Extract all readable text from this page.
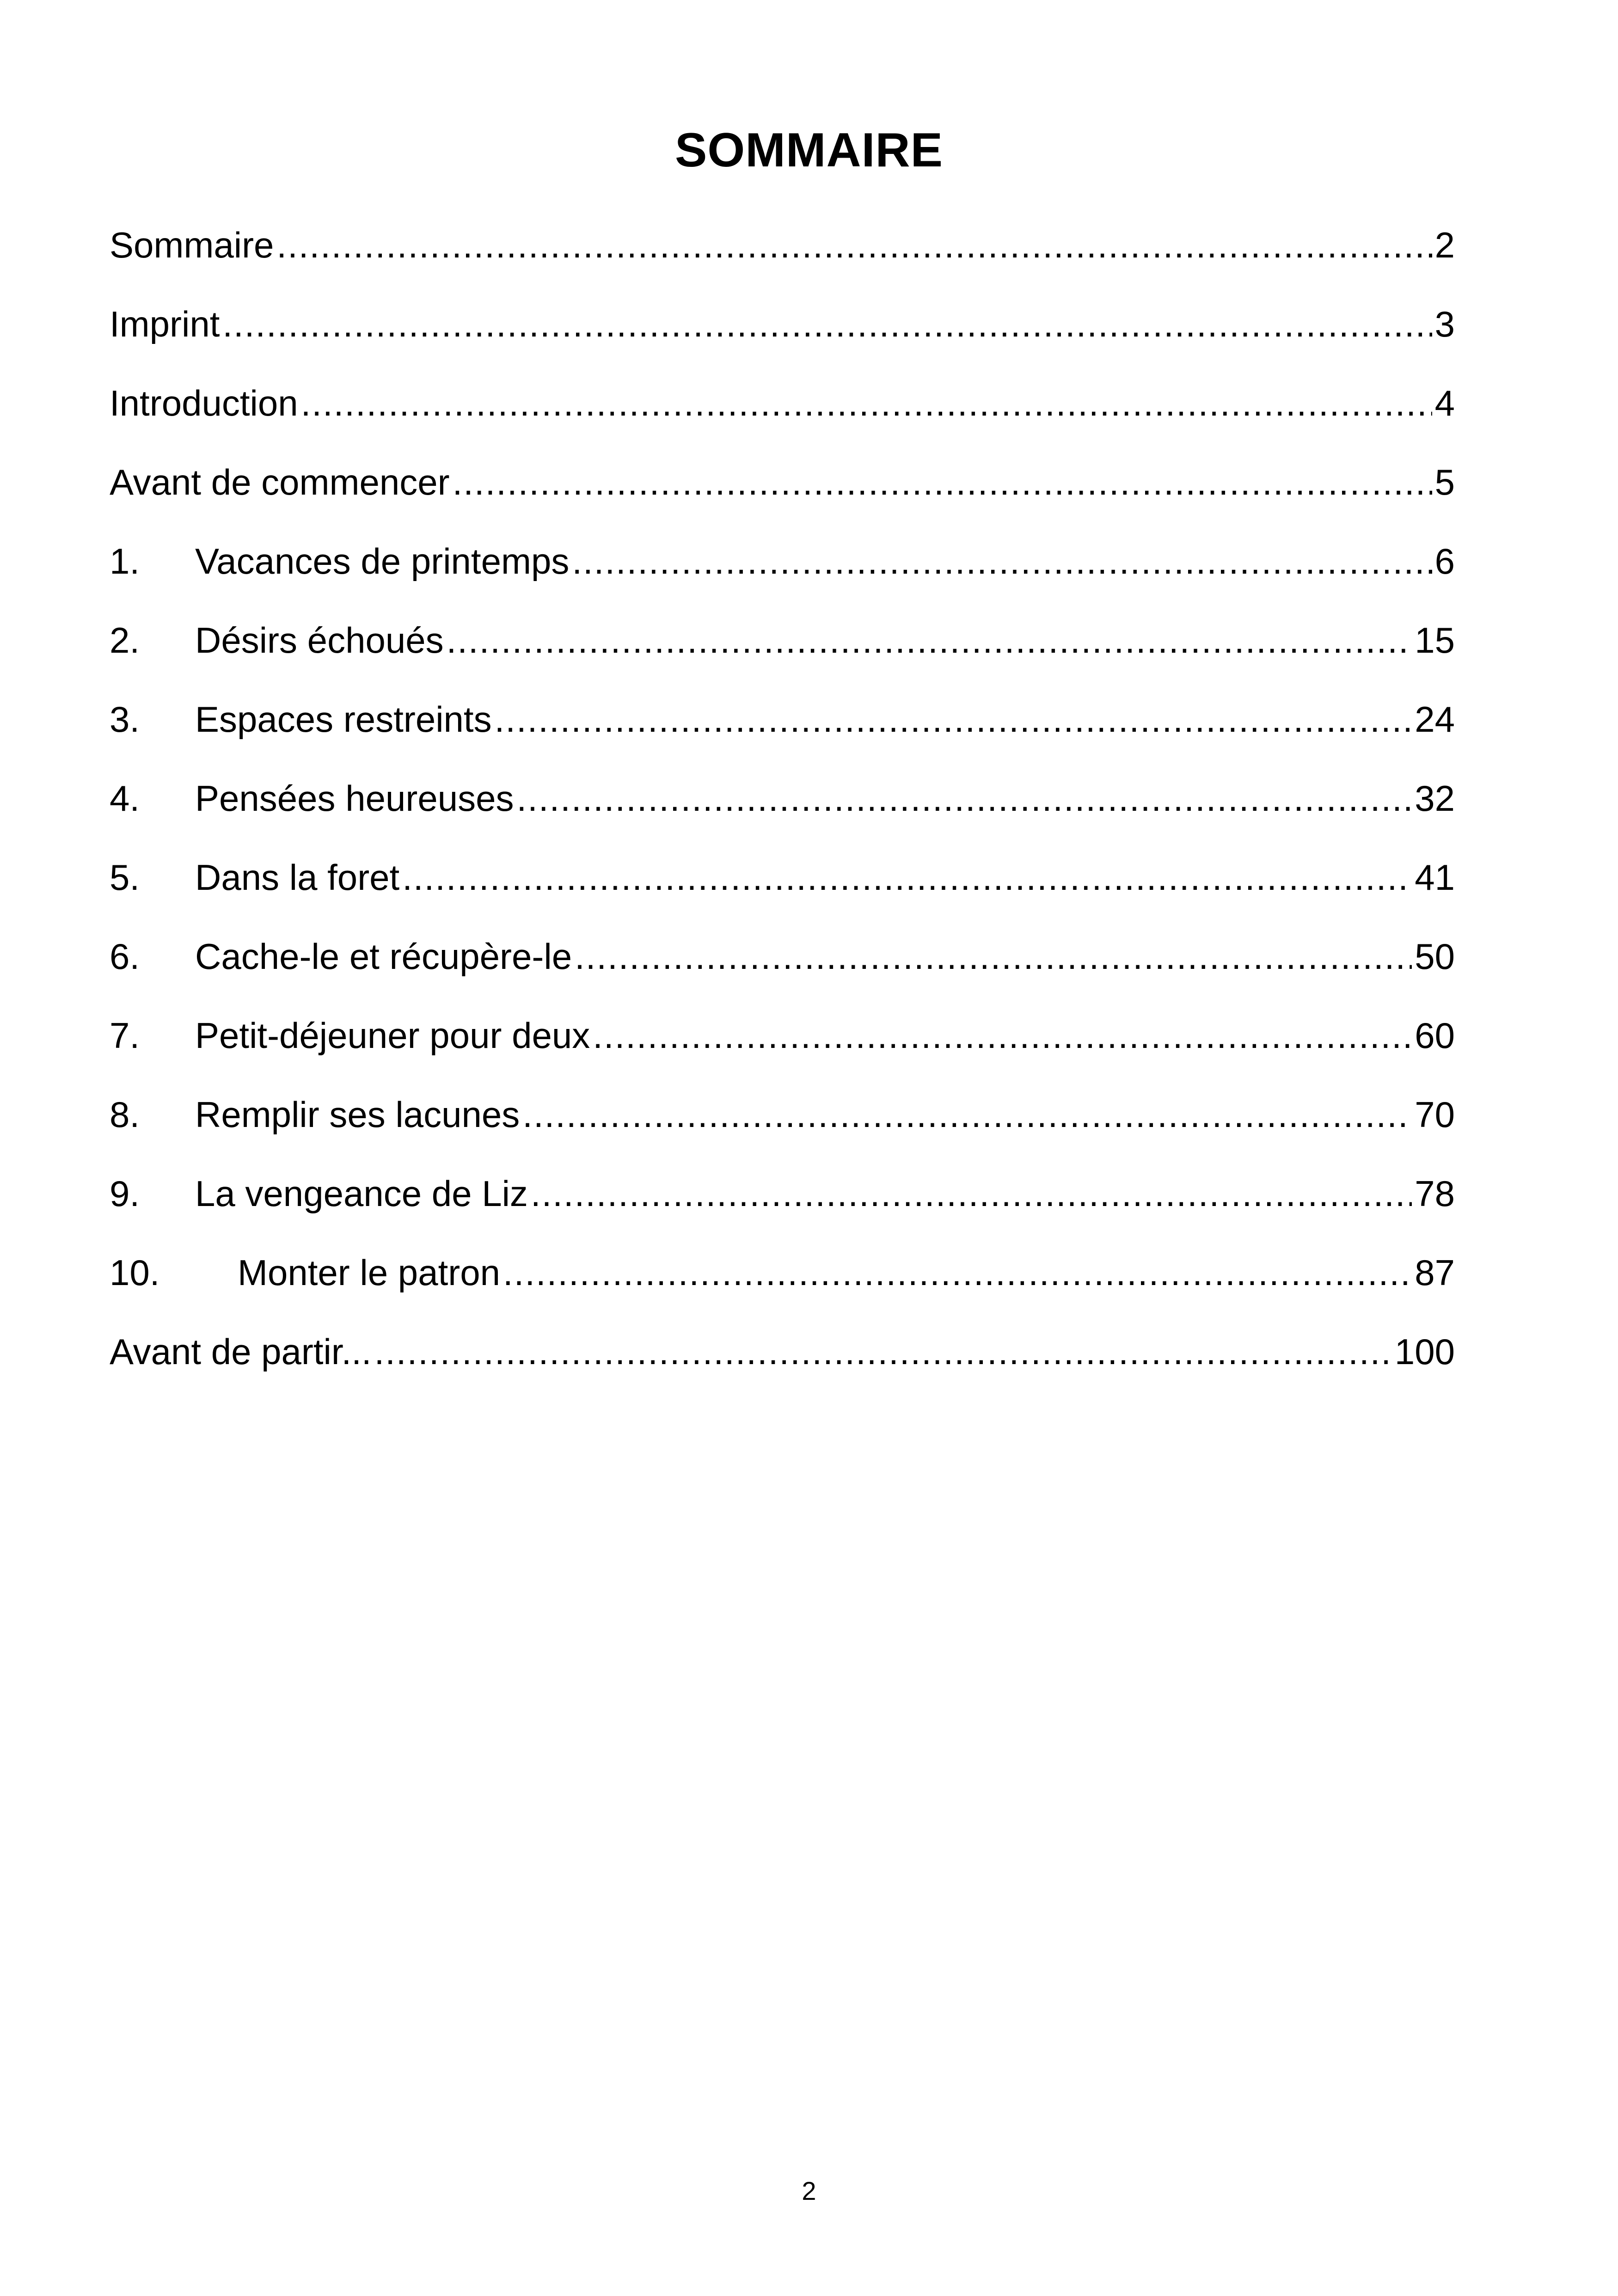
SOMMAIRE
Sommaire .....	2
Imprint .....	3
Introduction .....	4
Avant de commencer .....	5
1.	Vacances de printemps .....	6
2.	Désirs échoués .....	15
3.	Espaces restreints .....	24
4.	Pensées heureuses .....	32
5.	Dans la foret .....	41
6.	Cache-le et récupère-le .....	50
7.	Petit-déjeuner pour deux .....	60
8.	Remplir ses lacunes .....	70
9.	La vengeance de Liz .....	78
10.	Monter le patron .....	87
Avant de partir... .....	100
2
